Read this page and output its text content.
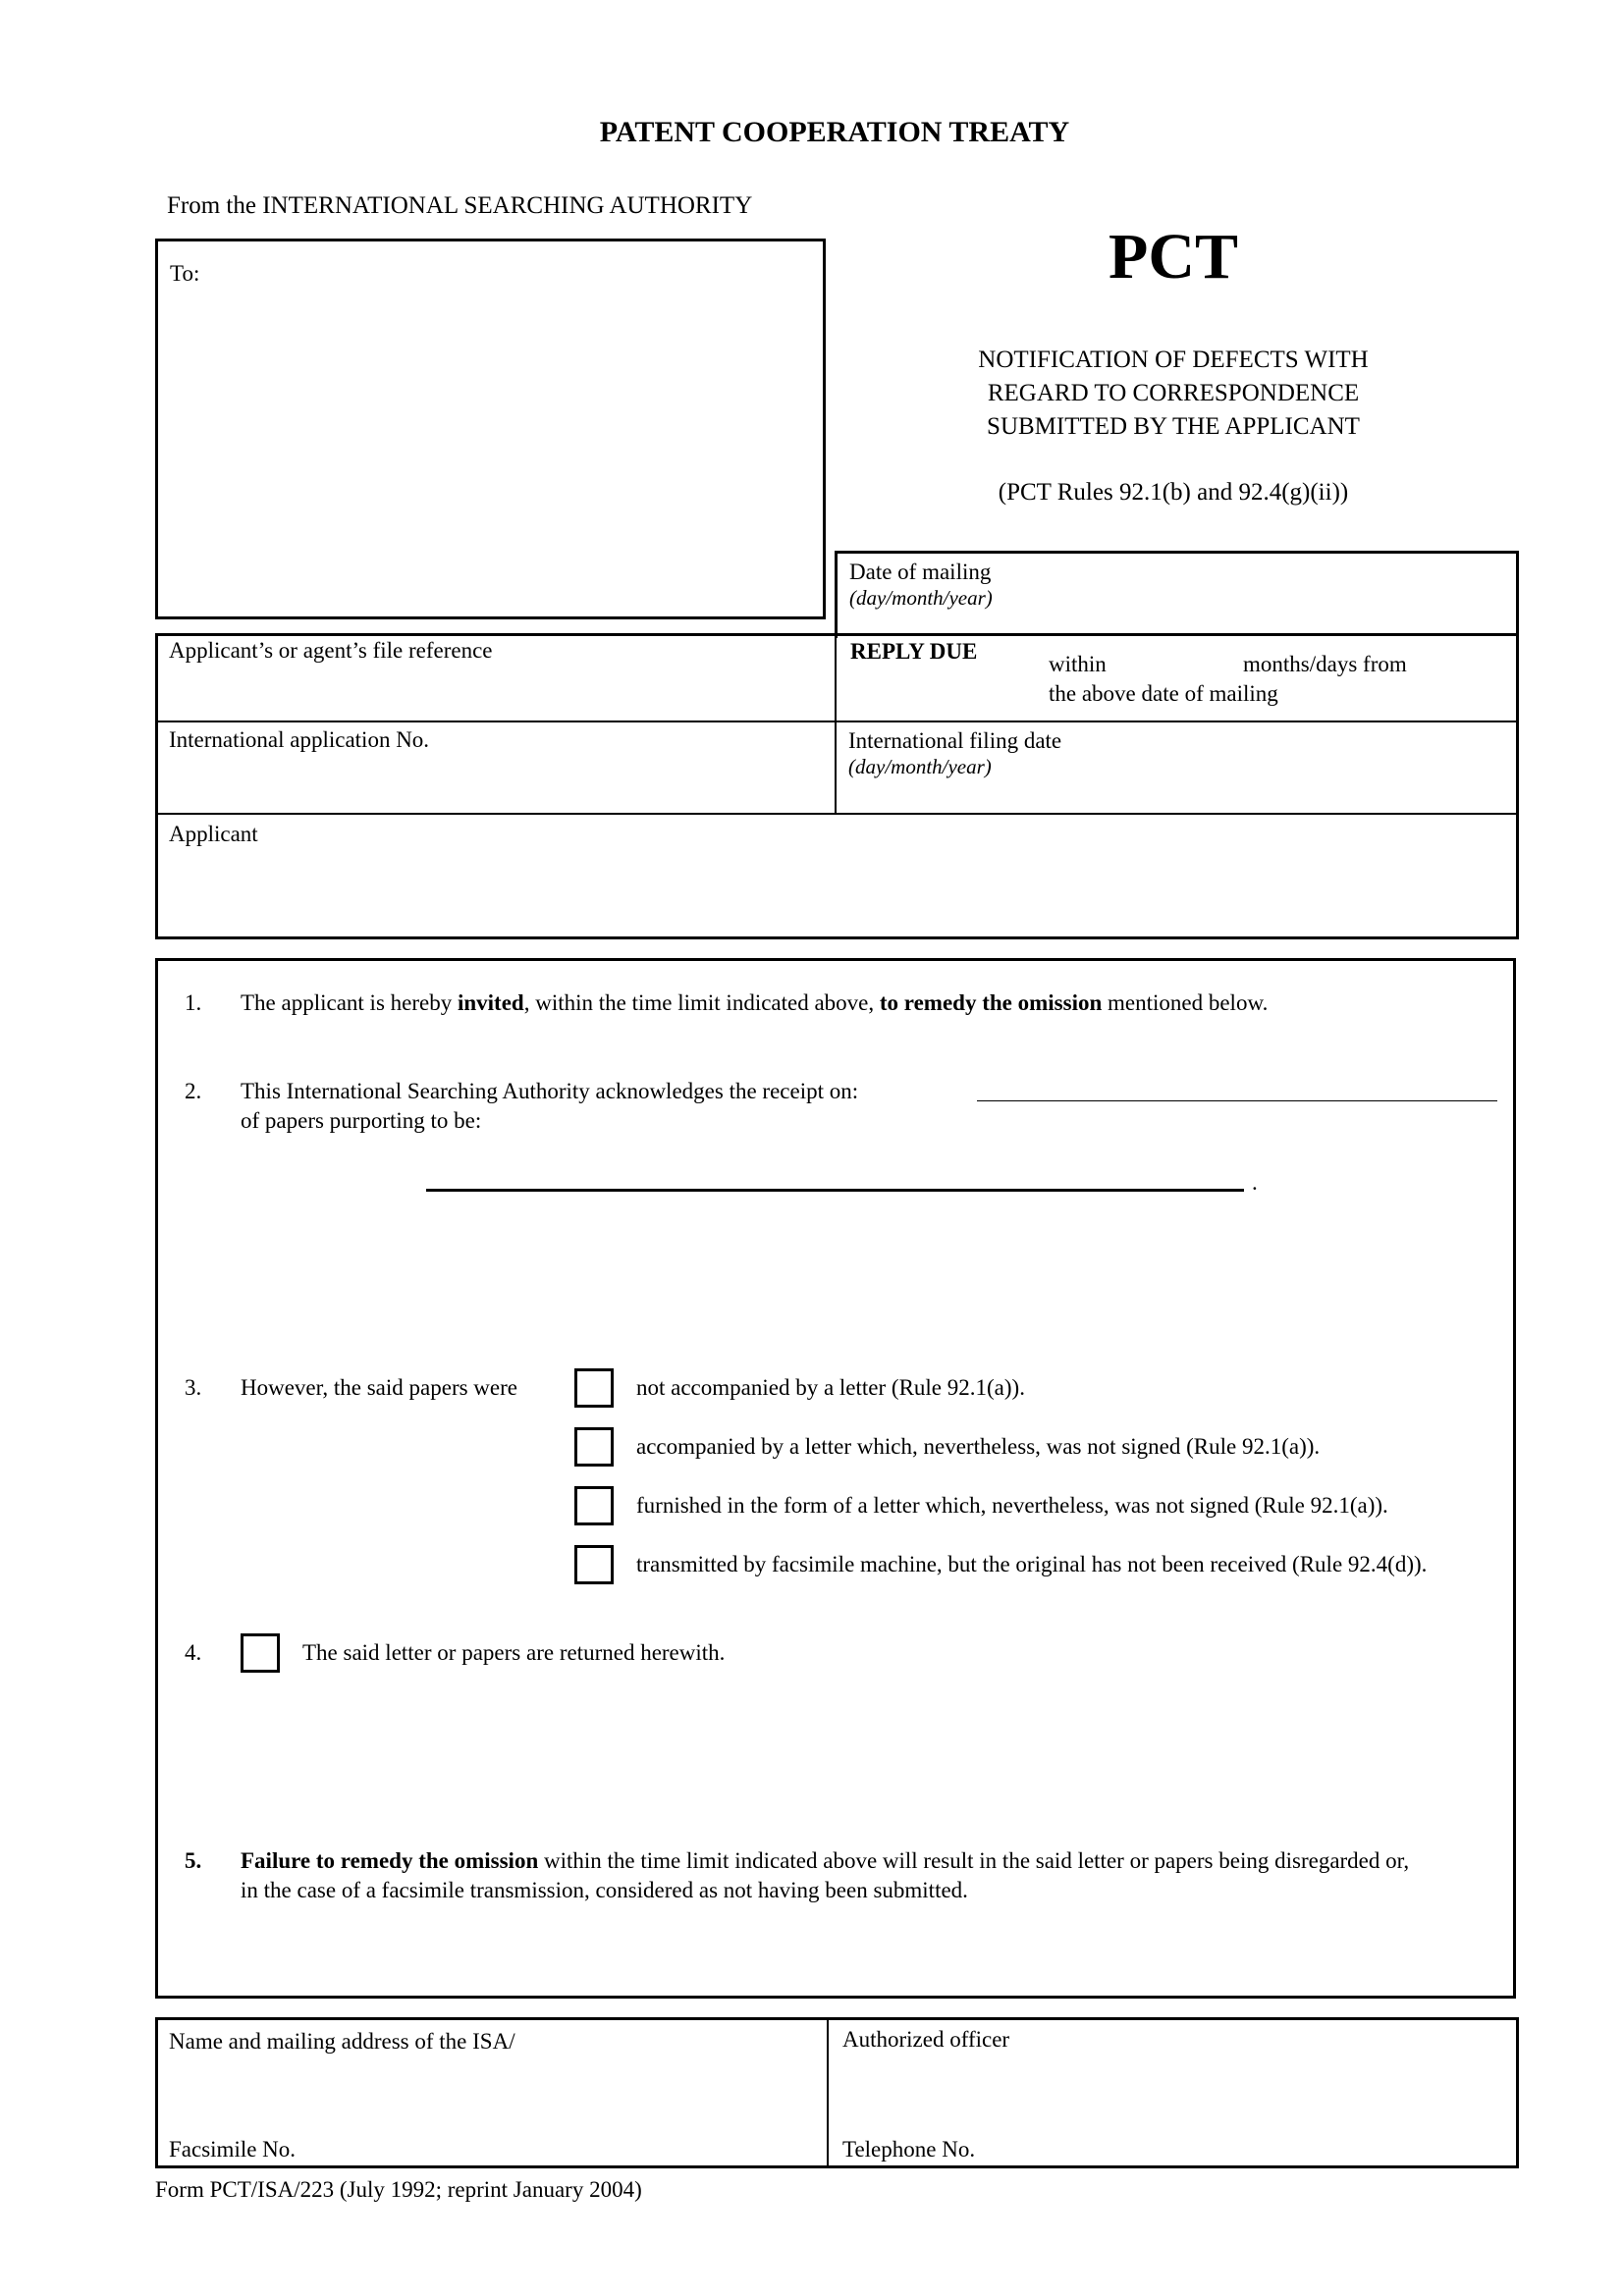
PATENT COOPERATION TREATY
From the INTERNATIONAL SEARCHING AUTHORITY
To:	PCT
NOTIFICATION OF DEFECTS WITH
REGARD TO CORRESPONDENCE
SUBMITTED BY THE APPLICANT
(PCT Rules 92.1(b) and 92.4(g)(ii))
Date of mailing
(day/month/year)
Applicant’s or agent’s file reference	REPLY DUE
within	months/days from
the above date of mailing
International application No.	International filing date
(day/month/year)
Applicant
1. The applicant is hereby invited, within the time limit indicated above, to remedy the omission mentioned below.
2. This International Searching Authority acknowledges the receipt on:
of papers purporting to be:
.
3. However, the said papers were	not accompanied by a letter (Rule 92.1(a)).
accompanied by a letter which, nevertheless, was not signed (Rule 92.1(a)).
furnished in the form of a letter which, nevertheless, was not signed (Rule 92.1(a)).
transmitted by facsimile machine, but the original has not been received (Rule 92.4(d)).
4.	The said letter or papers are returned herewith.
5. Failure to remedy the omission within the time limit indicated above will result in the said letter or papers being disregarded or,
in the case of a facsimile transmission, considered as not having been submitted.
Name and mailing address of the ISA/
Facsimile No.
Authorized officer
Telephone No.
Form PCT/ISA/223 (July 1992; reprint January 2004)
